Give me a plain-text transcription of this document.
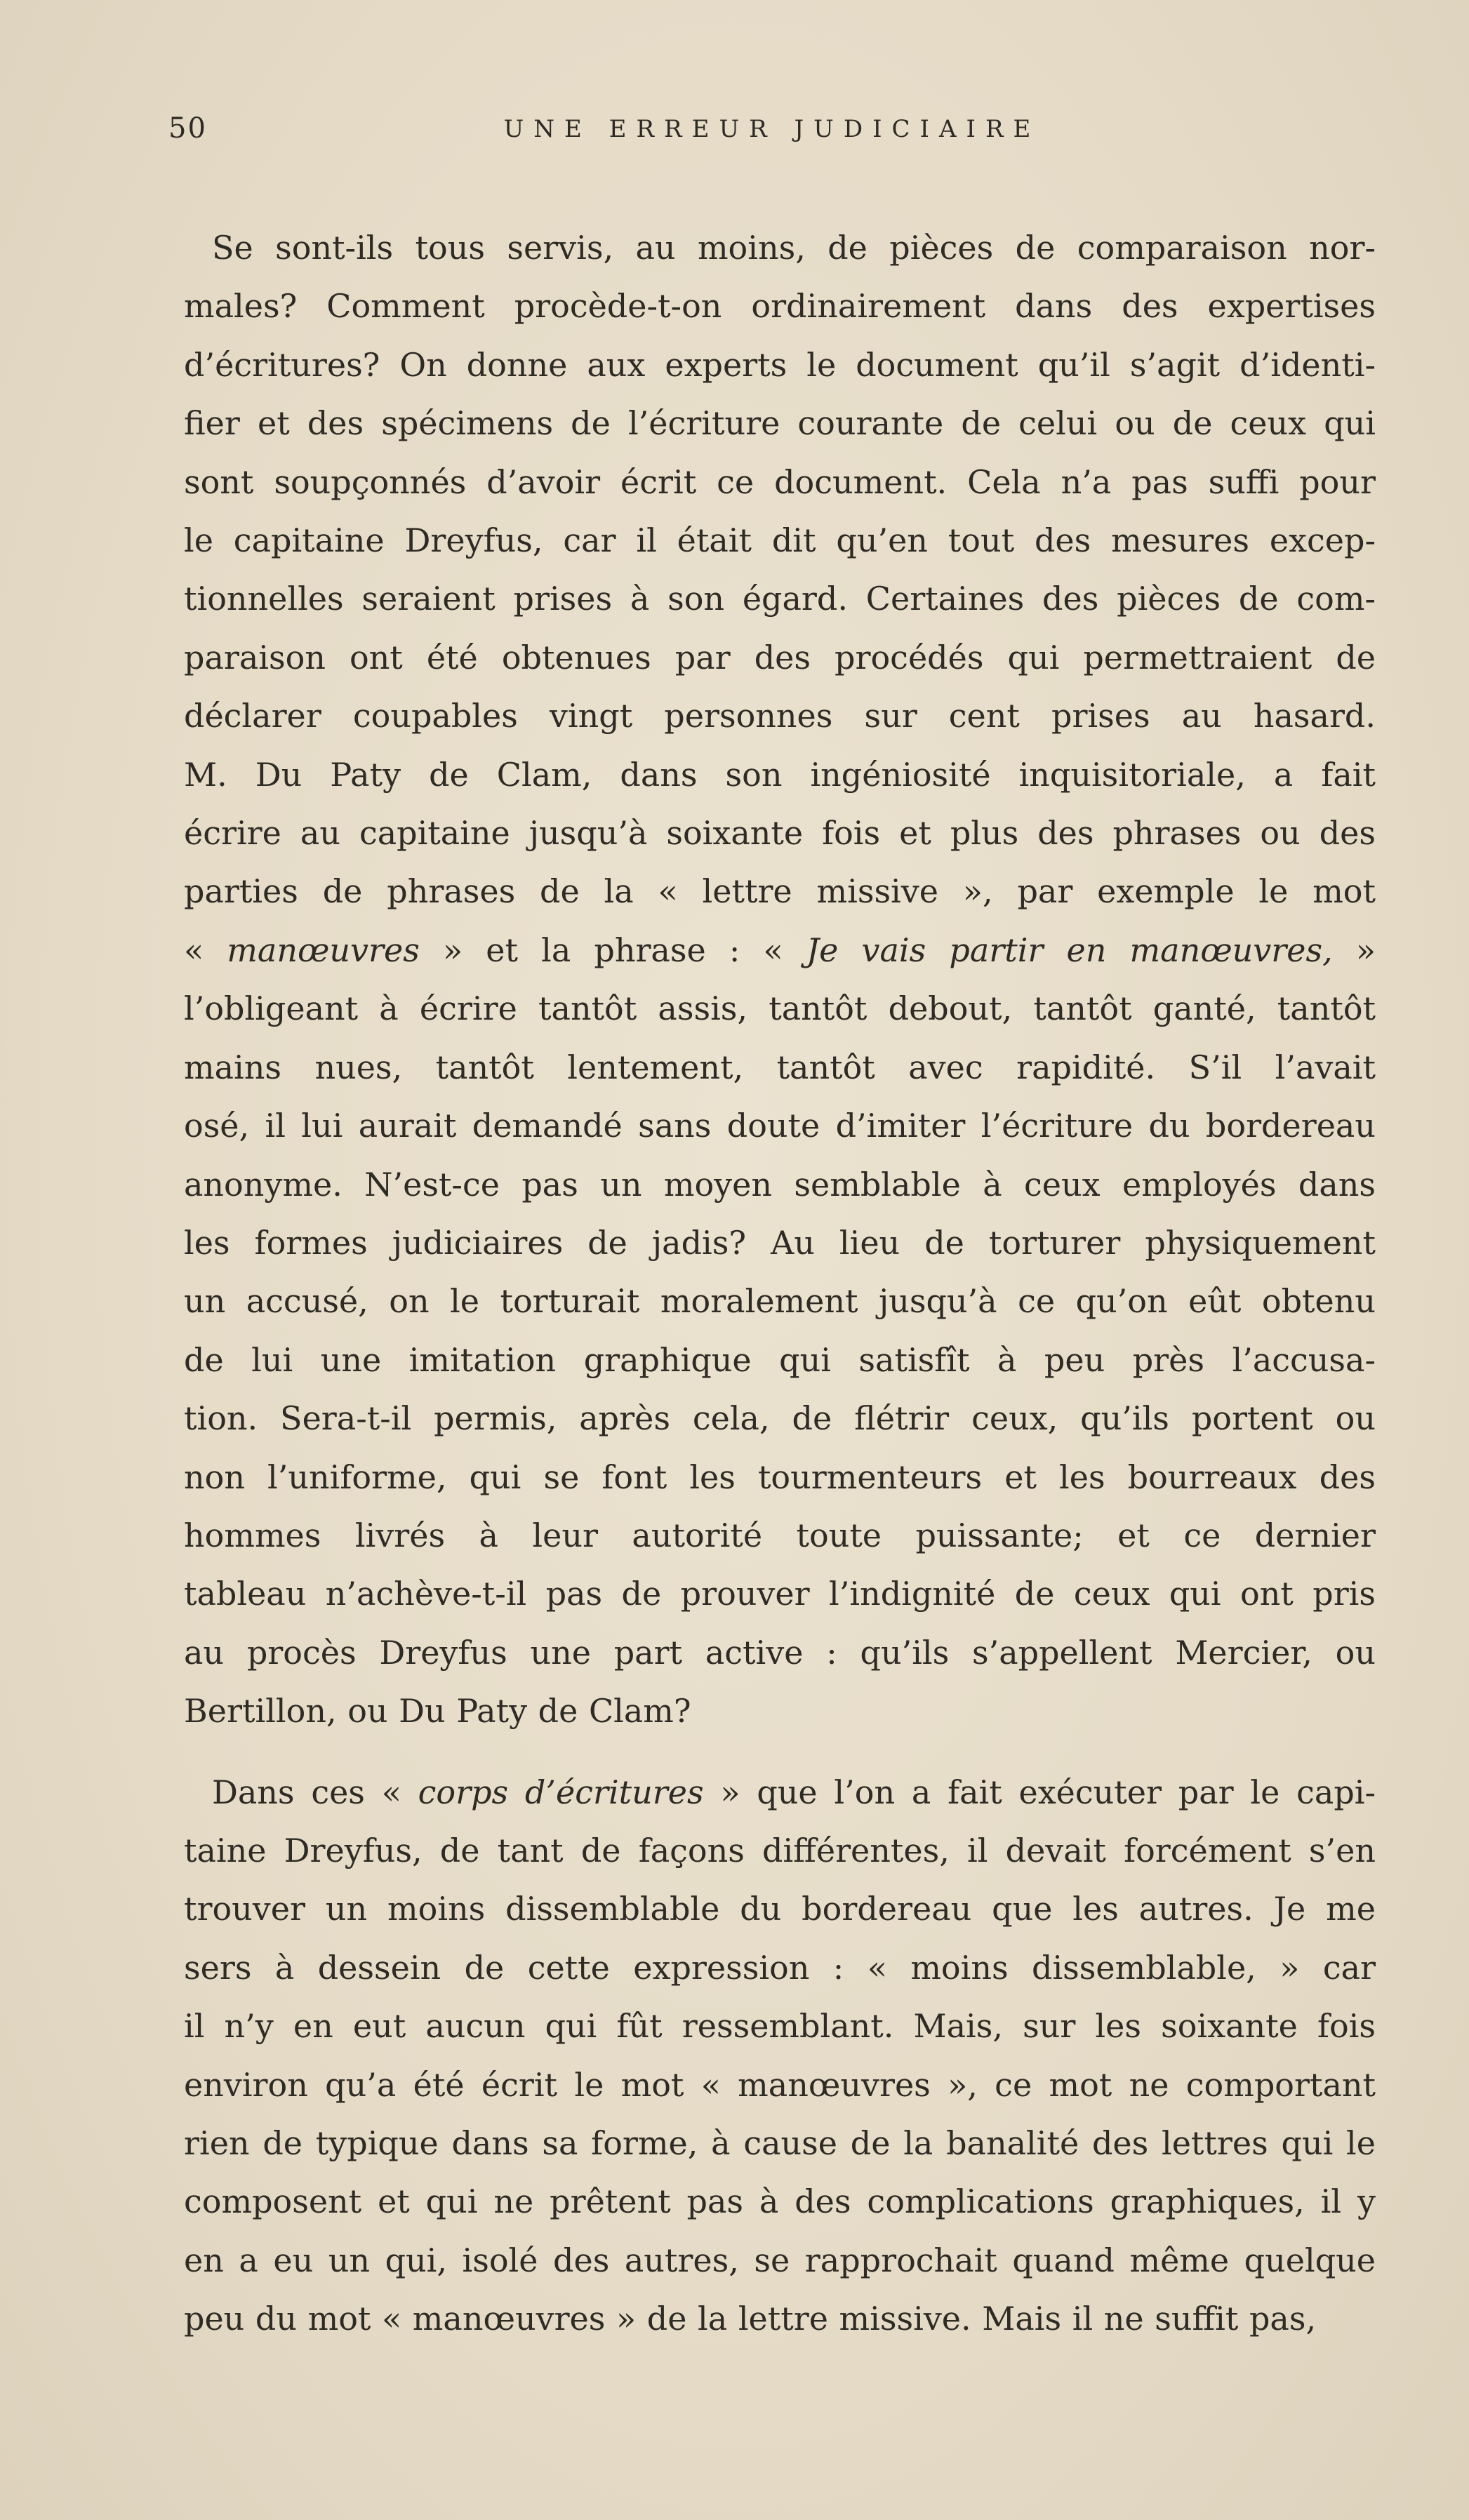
50	UNE ERREUR JUDICIAIRE

Se sont-ils tous servis, au moins, de pièces de comparaison nor-
males? Comment procède-t-on ordinairement dans des expertises
d’écritures? On donne aux experts le document qu’il s’agit d’identi-
fier et des spécimens de l’écriture courante de celui ou de ceux qui
sont soupçonnés d’avoir écrit ce document. Cela n’a pas suffi pour
le capitaine Dreyfus, car il était dit qu’en tout des mesures excep-
tionnelles seraient prises à son égard. Certaines des pièces de com-
paraison ont été obtenues par des procédés qui permettraient de
déclarer coupables vingt personnes sur cent prises au hasard.
M. Du Paty de Clam, dans son ingéniosité inquisitoriale, a fait
écrire au capitaine jusqu’à soixante fois et plus des phrases ou des
parties de phrases de la « lettre missive », par exemple le mot
« manœuvres » et la phrase : « Je vais partir en manœuvres, »
l’obligeant à écrire tantôt assis, tantôt debout, tantôt ganté, tantôt
mains nues, tantôt lentement, tantôt avec rapidité. S’il l’avait
osé, il lui aurait demandé sans doute d’imiter l’écriture du bordereau
anonyme. N’est-ce pas un moyen semblable à ceux employés dans
les formes judiciaires de jadis? Au lieu de torturer physiquement
un accusé, on le torturait moralement jusqu’à ce qu’on eût obtenu
de lui une imitation graphique qui satisfît à peu près l’accusa-
tion. Sera-t-il permis, après cela, de flétrir ceux, qu’ils portent ou
non l’uniforme, qui se font les tourmenteurs et les bourreaux des
hommes livrés à leur autorité toute puissante; et ce dernier
tableau n’achève-t-il pas de prouver l’indignité de ceux qui ont pris
au procès Dreyfus une part active : qu’ils s’appellent Mercier, ou
Bertillon, ou Du Paty de Clam?

Dans ces « corps d’écritures » que l’on a fait exécuter par le capi-
taine Dreyfus, de tant de façons différentes, il devait forcément s’en
trouver un moins dissemblable du bordereau que les autres. Je me
sers à dessein de cette expression : « moins dissemblable, » car
il n’y en eut aucun qui fût ressemblant. Mais, sur les soixante fois
environ qu’a été écrit le mot « manœuvres », ce mot ne comportant
rien de typique dans sa forme, à cause de la banalité des lettres qui le
composent et qui ne prêtent pas à des complications graphiques, il y
en a eu un qui, isolé des autres, se rapprochait quand même quelque
peu du mot « manœuvres » de la lettre missive. Mais il ne suffit pas,
